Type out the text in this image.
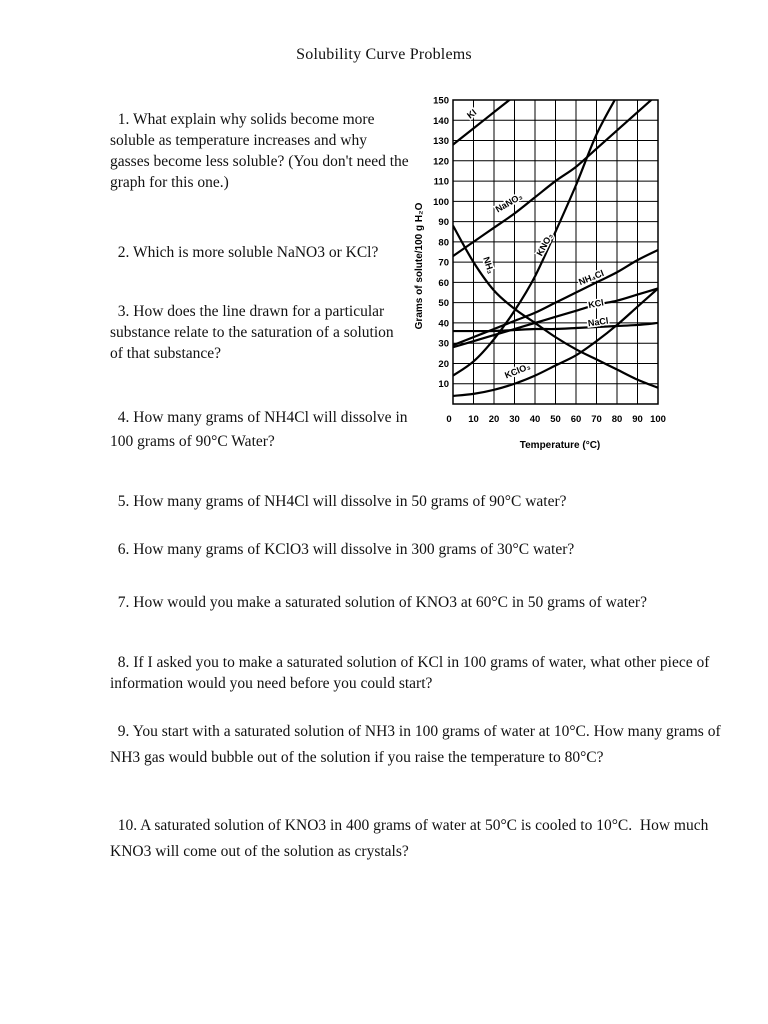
Solubility Curve Problems

1. What explain why solids become more soluble as temperature increases and why gasses become less soluble? (You don't need the graph for this one.)

2. Which is more soluble NaNO3 or KCl?

3. How does the line drawn for a particular substance relate to the saturation of a solution of that substance?

4. How many grams of NH4Cl will dissolve in 100 grams of 90°C Water?

5. How many grams of NH4Cl will dissolve in 50 grams of 90°C water?

6. How many grams of KClO3 will dissolve in 300 grams of 30°C water?

7. How would you make a saturated solution of KNO3 at 60°C in 50 grams of water?

8. If I asked you to make a saturated solution of KCl in 100 grams of water, what other piece of information would you need before you could start?

9. You start with a saturated solution of NH3 in 100 grams of water at 10°C. How many grams of NH3 gas would bubble out of the solution if you raise the temperature to 80°C?

10. A saturated solution of KNO3 in 400 grams of water at 50°C is cooled to 10°C.  How much KNO3 will come out of the solution as crystals?

10
20
30
40
50
60
70
80
90
100
110
120
130
140
150
0 10 20 30 40 50 60 70 80 90 100
KI
NaNO₃
KNO₃
NH₃
NH₄Cl
KCl
NaCl
KClO₃
Temperature (°C)
Grams of solute/100 g H₂O
